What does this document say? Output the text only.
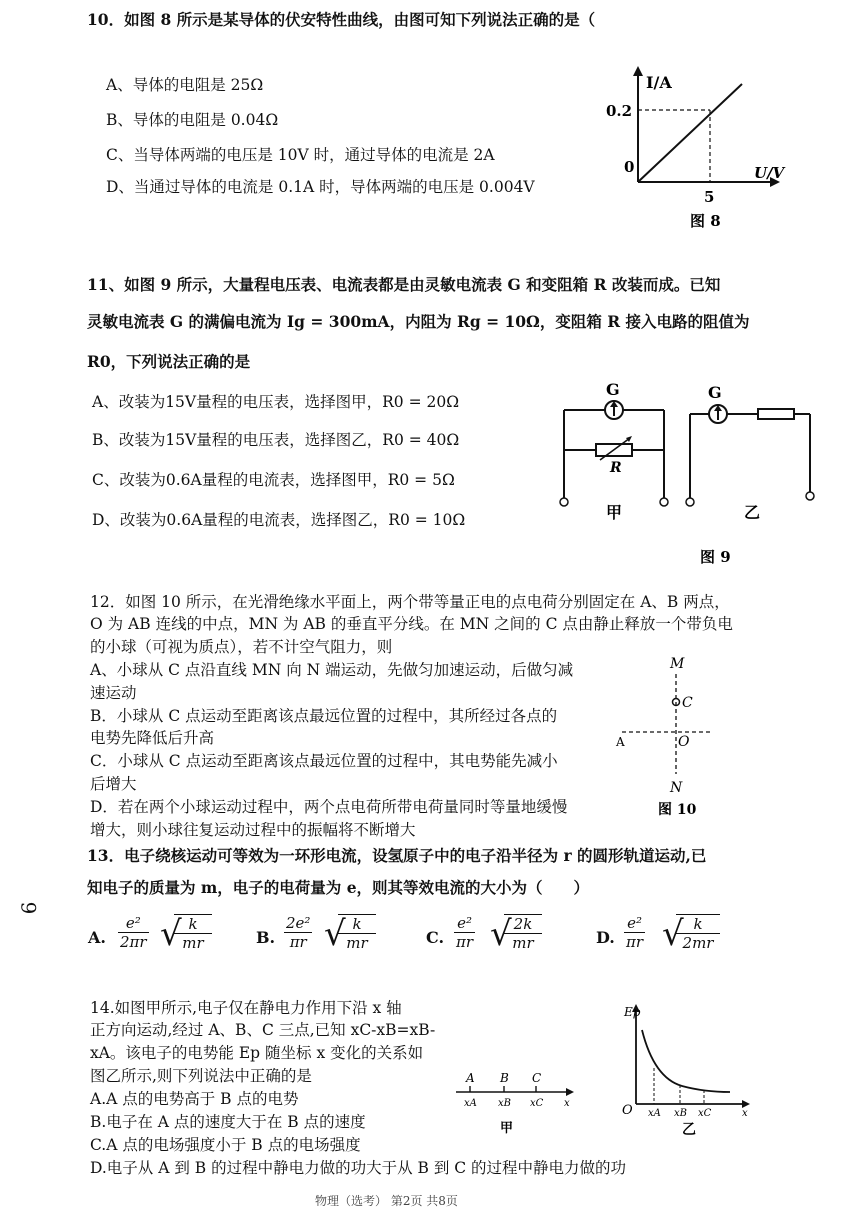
10．如图 8 所示是某导体的伏安特性曲线，由图可知下列说法正确的是（
A、导体的电阻是 25Ω
B、导体的电阻是 0.04Ω
C、当导体两端的电压是 10V 时，通过导体的电流是 2A
D、当通过导体的电流是 0.1A 时，导体两端的电压是 0.004V
I/A
0.2
0
5
U/V
图 8
11、如图 9 所示，大量程电压表、电流表都是由灵敏电流表 G 和变阻箱 R 改装而成。已知
灵敏电流表 G 的满偏电流为 Ig = 300mA，内阻为 Rg = 10Ω，变阻箱 R 接入电路的阻值为
R0，下列说法正确的是
A、改装为15V量程的电压表，选择图甲，R0 = 20Ω
B、改装为15V量程的电压表，选择图乙，R0 = 40Ω
C、改装为0.6A量程的电流表，选择图甲，R0 = 5Ω
D、改装为0.6A量程的电流表，选择图乙，R0 = 10Ω
G
R
甲
G
乙
图 9
12．如图 10 所示，在光滑绝缘水平面上，两个带等量正电的点电荷分别固定在 A、B 两点，
O 为 AB 连线的中点，MN 为 AB 的垂直平分线。在 MN 之间的 C 点由静止释放一个带负电
的小球（可视为质点），若不计空气阻力，则
A、小球从 C 点沿直线 MN 向 N 端运动，先做匀加速运动，后做匀减
速运动
B．小球从 C 点运动至距离该点最远位置的过程中，其所经过各点的
电势先降低后升高
C．小球从 C 点运动至距离该点最远位置的过程中，其电势能先减小
后增大
D．若在两个小球运动过程中，两个点电荷所带电荷量同时等量地缓慢
增大，则小球往复运动过程中的振幅将不断增大
M
C
O
A
N
图 10
13．电子绕核运动可等效为一环形电流，设氢原子中的电子沿半径为 r 的圆形轨道运动,已
知电子的质量为 m，电子的电荷量为 e，则其等效电流的大小为（　　）
9
A. $\frac{\text{e²}}{2\pi r}$ √ k
mr	B. $\frac{\text{2e²}}{\pi r}$ √ k
mr	C. $\frac{\text{e²}}{\pi r}$ √ 2k
mr	D. $\frac{\text{e²}}{\pi r}$ √ k
2mr
14.如图甲所示,电子仅在静电力作用下沿 x 轴
正方向运动,经过 A、B、C 三点,已知 xC-xB=xB-
xA。该电子的电势能 Ep 随坐标 x 变化的关系如
图乙所示,则下列说法中正确的是
A.A 点的电势高于 B 点的电势
B.电子在 A 点的速度大于在 B 点的速度
C.A 点的电场强度小于 B 点的电场强度
D.电子从 A 到 B 的过程中静电力做的功大于从 B 到 C 的过程中静电力做的功
A B C
xA xB xC x
甲
Ep
O xA xB xC	x
乙
物理（选考） 第2页 共8页
